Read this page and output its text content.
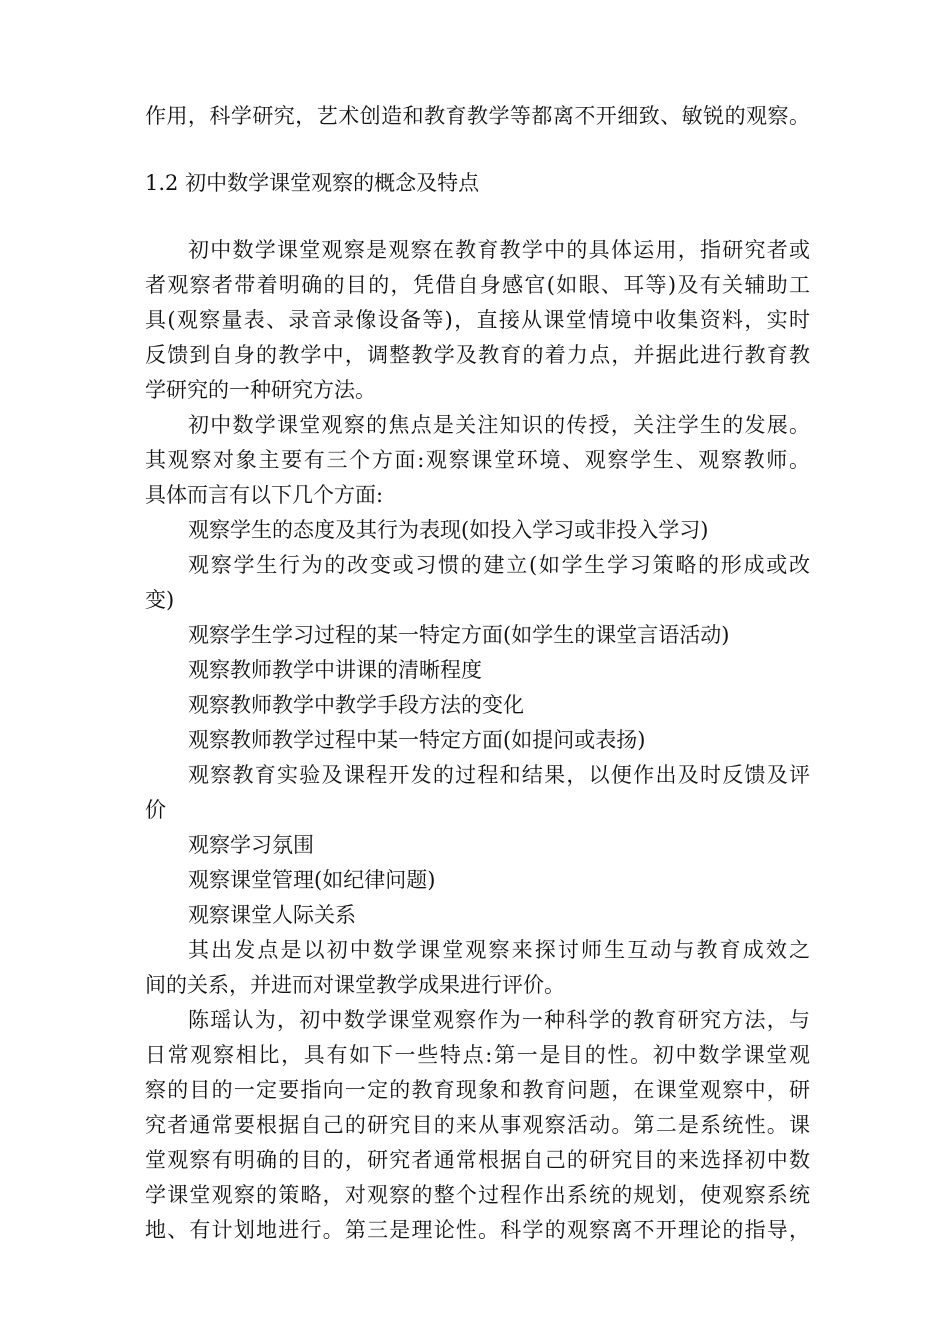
作用，科学研究，艺术创造和教育教学等都离不开细致、敏锐的观察。
1.2 初中数学课堂观察的概念及特点
初中数学课堂观察是观察在教育教学中的具体运用，指研究者或
者观察者带着明确的目的，凭借自身感官(如眼、耳等)及有关辅助工
具(观察量表、录音录像设备等)，直接从课堂情境中收集资料，实时
反馈到自身的教学中，调整教学及教育的着力点，并据此进行教育教
学研究的一种研究方法。
初中数学课堂观察的焦点是关注知识的传授，关注学生的发展。
其观察对象主要有三个方面:观察课堂环境、观察学生、观察教师。
具体而言有以下几个方面:
观察学生的态度及其行为表现(如投入学习或非投入学习)
观察学生行为的改变或习惯的建立(如学生学习策略的形成或改
变)
观察学生学习过程的某一特定方面(如学生的课堂言语活动)
观察教师教学中讲课的清晰程度
观察教师教学中教学手段方法的变化
观察教师教学过程中某一特定方面(如提问或表扬)
观察教育实验及课程开发的过程和结果，以便作出及时反馈及评
价
观察学习氛围
观察课堂管理(如纪律问题)
观察课堂人际关系
其出发点是以初中数学课堂观察来探讨师生互动与教育成效之
间的关系，并进而对课堂教学成果进行评价。
陈瑶认为，初中数学课堂观察作为一种科学的教育研究方法，与
日常观察相比，具有如下一些特点:第一是目的性。初中数学课堂观
察的目的一定要指向一定的教育现象和教育问题，在课堂观察中，研
究者通常要根据自己的研究目的来从事观察活动。第二是系统性。课
堂观察有明确的目的，研究者通常根据自己的研究目的来选择初中数
学课堂观察的策略，对观察的整个过程作出系统的规划，使观察系统
地、有计划地进行。第三是理论性。科学的观察离不开理论的指导，
